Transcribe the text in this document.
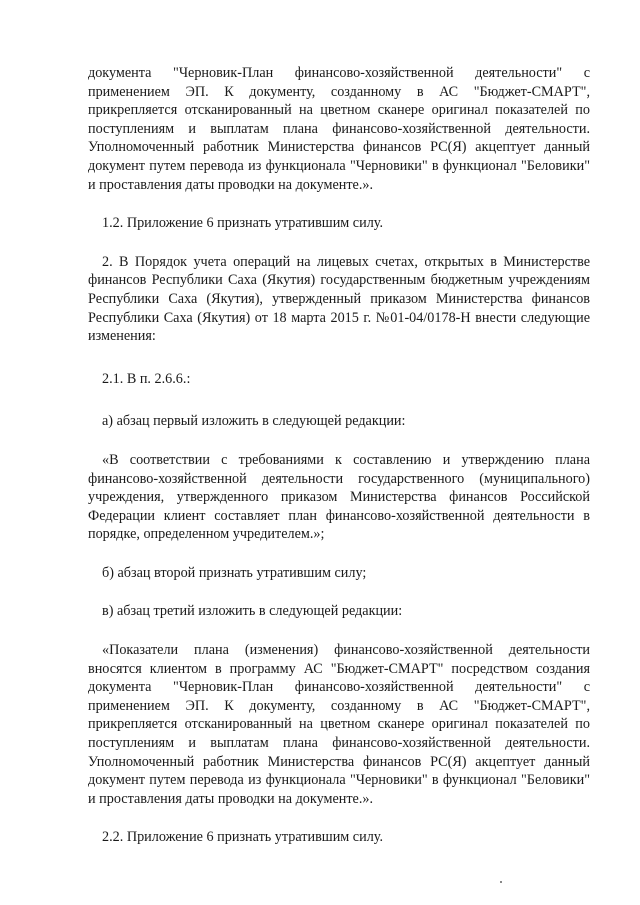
документа "Черновик-План финансово-хозяйственной деятельности" с применением ЭП. К документу, созданному в АС "Бюджет-СМАРТ", прикрепляется отсканированный на цветном сканере оригинал показателей по поступлениям и выплатам плана финансово-хозяйственной деятельности. Уполномоченный работник Министерства финансов РС(Я) акцептует данный документ путем перевода из функционала "Черновики" в функционал "Беловики" и проставления даты проводки на документе.».

1.2. Приложение 6 признать утратившим силу.

2. В Порядок учета операций на лицевых счетах, открытых в Министерстве финансов Республики Саха (Якутия) государственным бюджетным учреждениям Республики Саха (Якутия), утвержденный приказом Министерства финансов Республики Саха (Якутия) от 18 марта 2015 г. №01-04/0178-Н внести следующие изменения:

2.1. В п. 2.6.6.:

а) абзац первый изложить в следующей редакции:

«В соответствии с требованиями к составлению и утверждению плана финансово-хозяйственной деятельности государственного (муниципального) учреждения, утвержденного приказом Министерства финансов Российской Федерации клиент составляет план финансово-хозяйственной деятельности в порядке, определенном учредителем.»;

б) абзац второй признать утратившим силу;

в) абзац третий изложить в следующей редакции:

«Показатели плана (изменения) финансово-хозяйственной деятельности вносятся клиентом в программу АС "Бюджет-СМАРТ" посредством создания документа "Черновик-План финансово-хозяйственной деятельности" с применением ЭП. К документу, созданному в АС "Бюджет-СМАРТ", прикрепляется отсканированный на цветном сканере оригинал показателей по поступлениям и выплатам плана финансово-хозяйственной деятельности. Уполномоченный работник Министерства финансов РС(Я) акцептует данный документ путем перевода из функционала "Черновики" в функционал "Беловики" и проставления даты проводки на документе.».

2.2. Приложение 6 признать утратившим силу.
